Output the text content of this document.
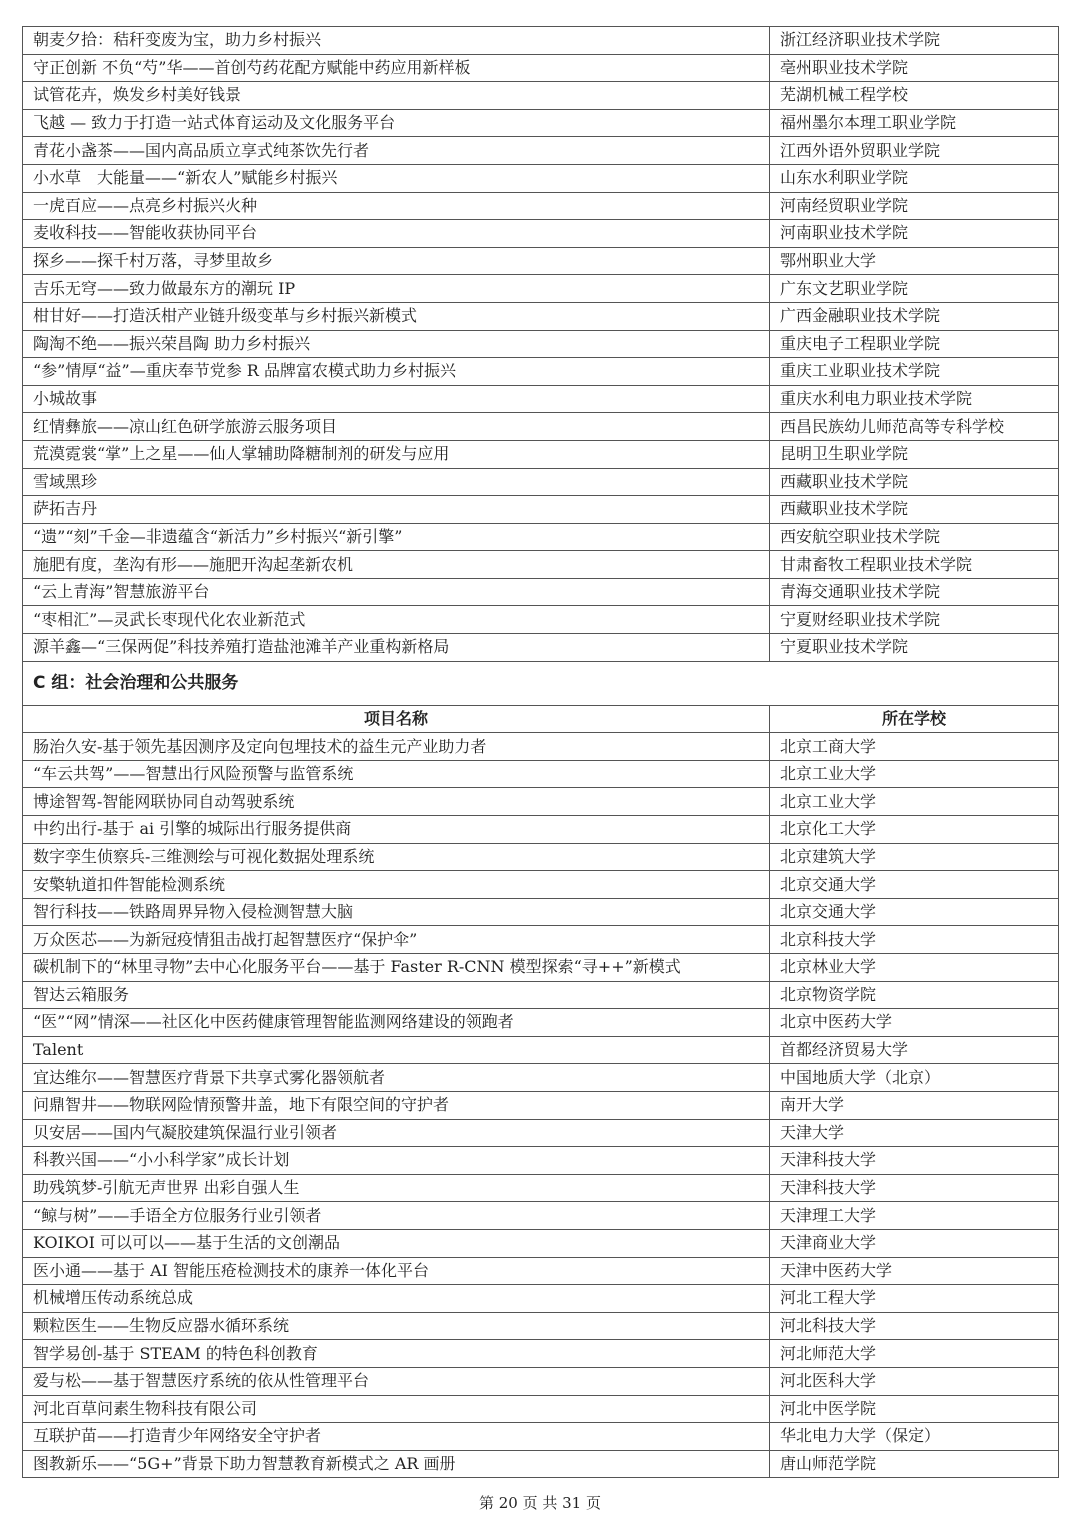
朝麦夕拾：秸秆变废为宝，助力乡村振兴	浙江经济职业技术学院
守正创新 不负“芍”华——首创芍药花配方赋能中药应用新样板	亳州职业技术学院
试管花卉，焕发乡村美好钱景	芜湖机械工程学校
飞越 — 致力于打造一站式体育运动及文化服务平台	福州墨尔本理工职业学院
青花小盏茶——国内高品质立享式纯茶饮先行者	江西外语外贸职业学院
小水草　大能量——“新农人”赋能乡村振兴	山东水利职业学院
一虎百应——点亮乡村振兴火种	河南经贸职业学院
麦收科技——智能收获协同平台	河南职业技术学院
探乡——探千村万落，寻梦里故乡	鄂州职业大学
吉乐无穹——致力做最东方的潮玩 IP	广东文艺职业学院
柑甘好——打造沃柑产业链升级变革与乡村振兴新模式	广西金融职业技术学院
陶淘不绝——振兴荣昌陶 助力乡村振兴	重庆电子工程职业学院
“参”情厚“益”—重庆奉节党参 R 品牌富农模式助力乡村振兴	重庆工业职业技术学院
小城故事	重庆水利电力职业技术学院
红情彝旅——凉山红色研学旅游云服务项目	西昌民族幼儿师范高等专科学校
荒漠霓裳“掌”上之星——仙人掌辅助降糖制剂的研发与应用	昆明卫生职业学院
雪域黑珍	西藏职业技术学院
萨拓吉丹	西藏职业技术学院
“遗”“刻”千金—非遗蕴含“新活力”乡村振兴“新引擎”	西安航空职业技术学院
施肥有度，垄沟有形——施肥开沟起垄新农机	甘肃畜牧工程职业技术学院
“云上青海”智慧旅游平台	青海交通职业技术学院
“枣相汇”—灵武长枣现代化农业新范式	宁夏财经职业技术学院
源羊鑫—“三保两促”科技养殖打造盐池滩羊产业重构新格局	宁夏职业技术学院
C 组：社会治理和公共服务	
项目名称	所在学校
肠治久安-基于领先基因测序及定向包埋技术的益生元产业助力者	北京工商大学
“车云共驾”——智慧出行风险预警与监管系统	北京工业大学
博途智驾-智能网联协同自动驾驶系统	北京工业大学
中约出行-基于 ai 引擎的城际出行服务提供商	北京化工大学
数字孪生侦察兵-三维测绘与可视化数据处理系统	北京建筑大学
安檠轨道扣件智能检测系统	北京交通大学
智行科技——铁路周界异物入侵检测智慧大脑	北京交通大学
万众医芯——为新冠疫情狙击战打起智慧医疗“保护伞”	北京科技大学
碳机制下的“林里寻物”去中心化服务平台——基于 Faster R-CNN 模型探索“寻++”新模式	北京林业大学
智达云箱服务	北京物资学院
“医”“网”情深——社区化中医药健康管理智能监测网络建设的领跑者	北京中医药大学
Talent	首都经济贸易大学
宜达维尔——智慧医疗背景下共享式雾化器领航者	中国地质大学（北京）
问鼎智井——物联网险情预警井盖，地下有限空间的守护者	南开大学
贝安居——国内气凝胶建筑保温行业引领者	天津大学
科教兴国——“小小科学家”成长计划	天津科技大学
助残筑梦-引航无声世界 出彩自强人生	天津科技大学
“鲸与树”——手语全方位服务行业引领者	天津理工大学
KOIKOI 可以可以——基于生活的文创潮品	天津商业大学
医小通——基于 AI 智能压疮检测技术的康养一体化平台	天津中医药大学
机械增压传动系统总成	河北工程大学
颗粒医生——生物反应器水循环系统	河北科技大学
智学易创-基于 STEAM 的特色科创教育	河北师范大学
爱与松——基于智慧医疗系统的依从性管理平台	河北医科大学
河北百草问素生物科技有限公司	河北中医学院
互联护苗——打造青少年网络安全守护者	华北电力大学（保定）
图教新乐——“5G+”背景下助力智慧教育新模式之 AR 画册	唐山师范学院
第 20 页 共 31 页
